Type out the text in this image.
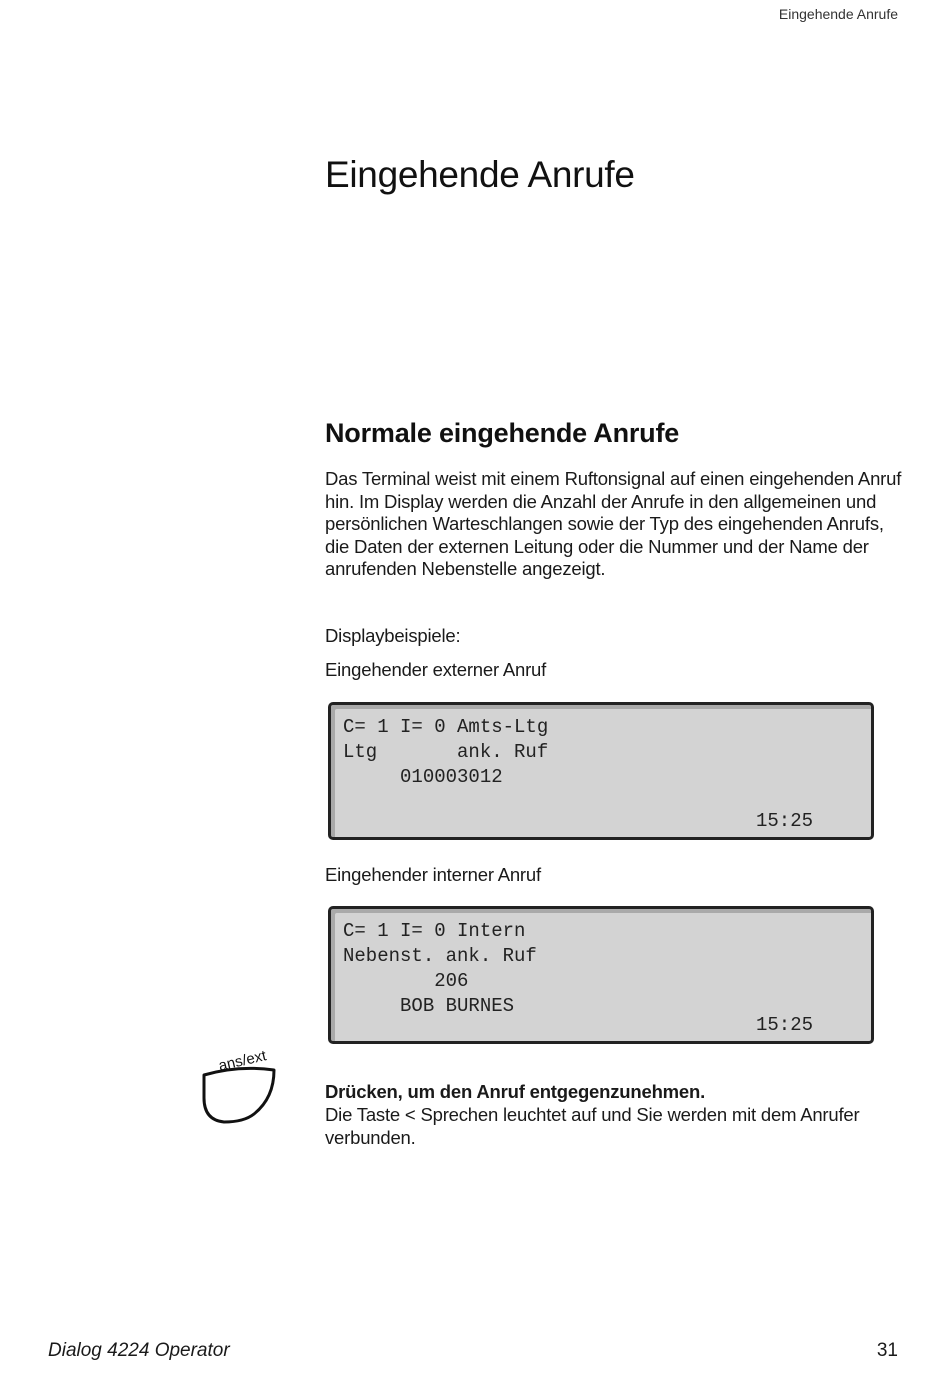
Eingehende Anrufe
Eingehende Anrufe
Normale eingehende Anrufe

Das Terminal weist mit einem Ruftonsignal auf einen eingehenden Anruf hin. Im Display werden die Anzahl der Anrufe in den allgemeinen und persönlichen Warteschlangen sowie der Typ des eingehenden Anrufs, die Daten der externen Leitung oder die Nummer und der Name der anrufenden Nebenstelle angezeigt.

Displaybeispiele:

Eingehender externer Anruf

C= 1 I= 0 Amts-Ltg
Ltg       ank. Ruf
010003012
15:25

Eingehender interner Anruf

C= 1 I= 0 Intern
Nebenst. ank. Ruf
206
BOB BURNES
15:25
ans/ext

Drücken, um den Anruf entgegenzunehmen.
Die Taste < Sprechen leuchtet auf und Sie werden mit dem Anrufer verbunden.

Dialog 4224 Operator	31
